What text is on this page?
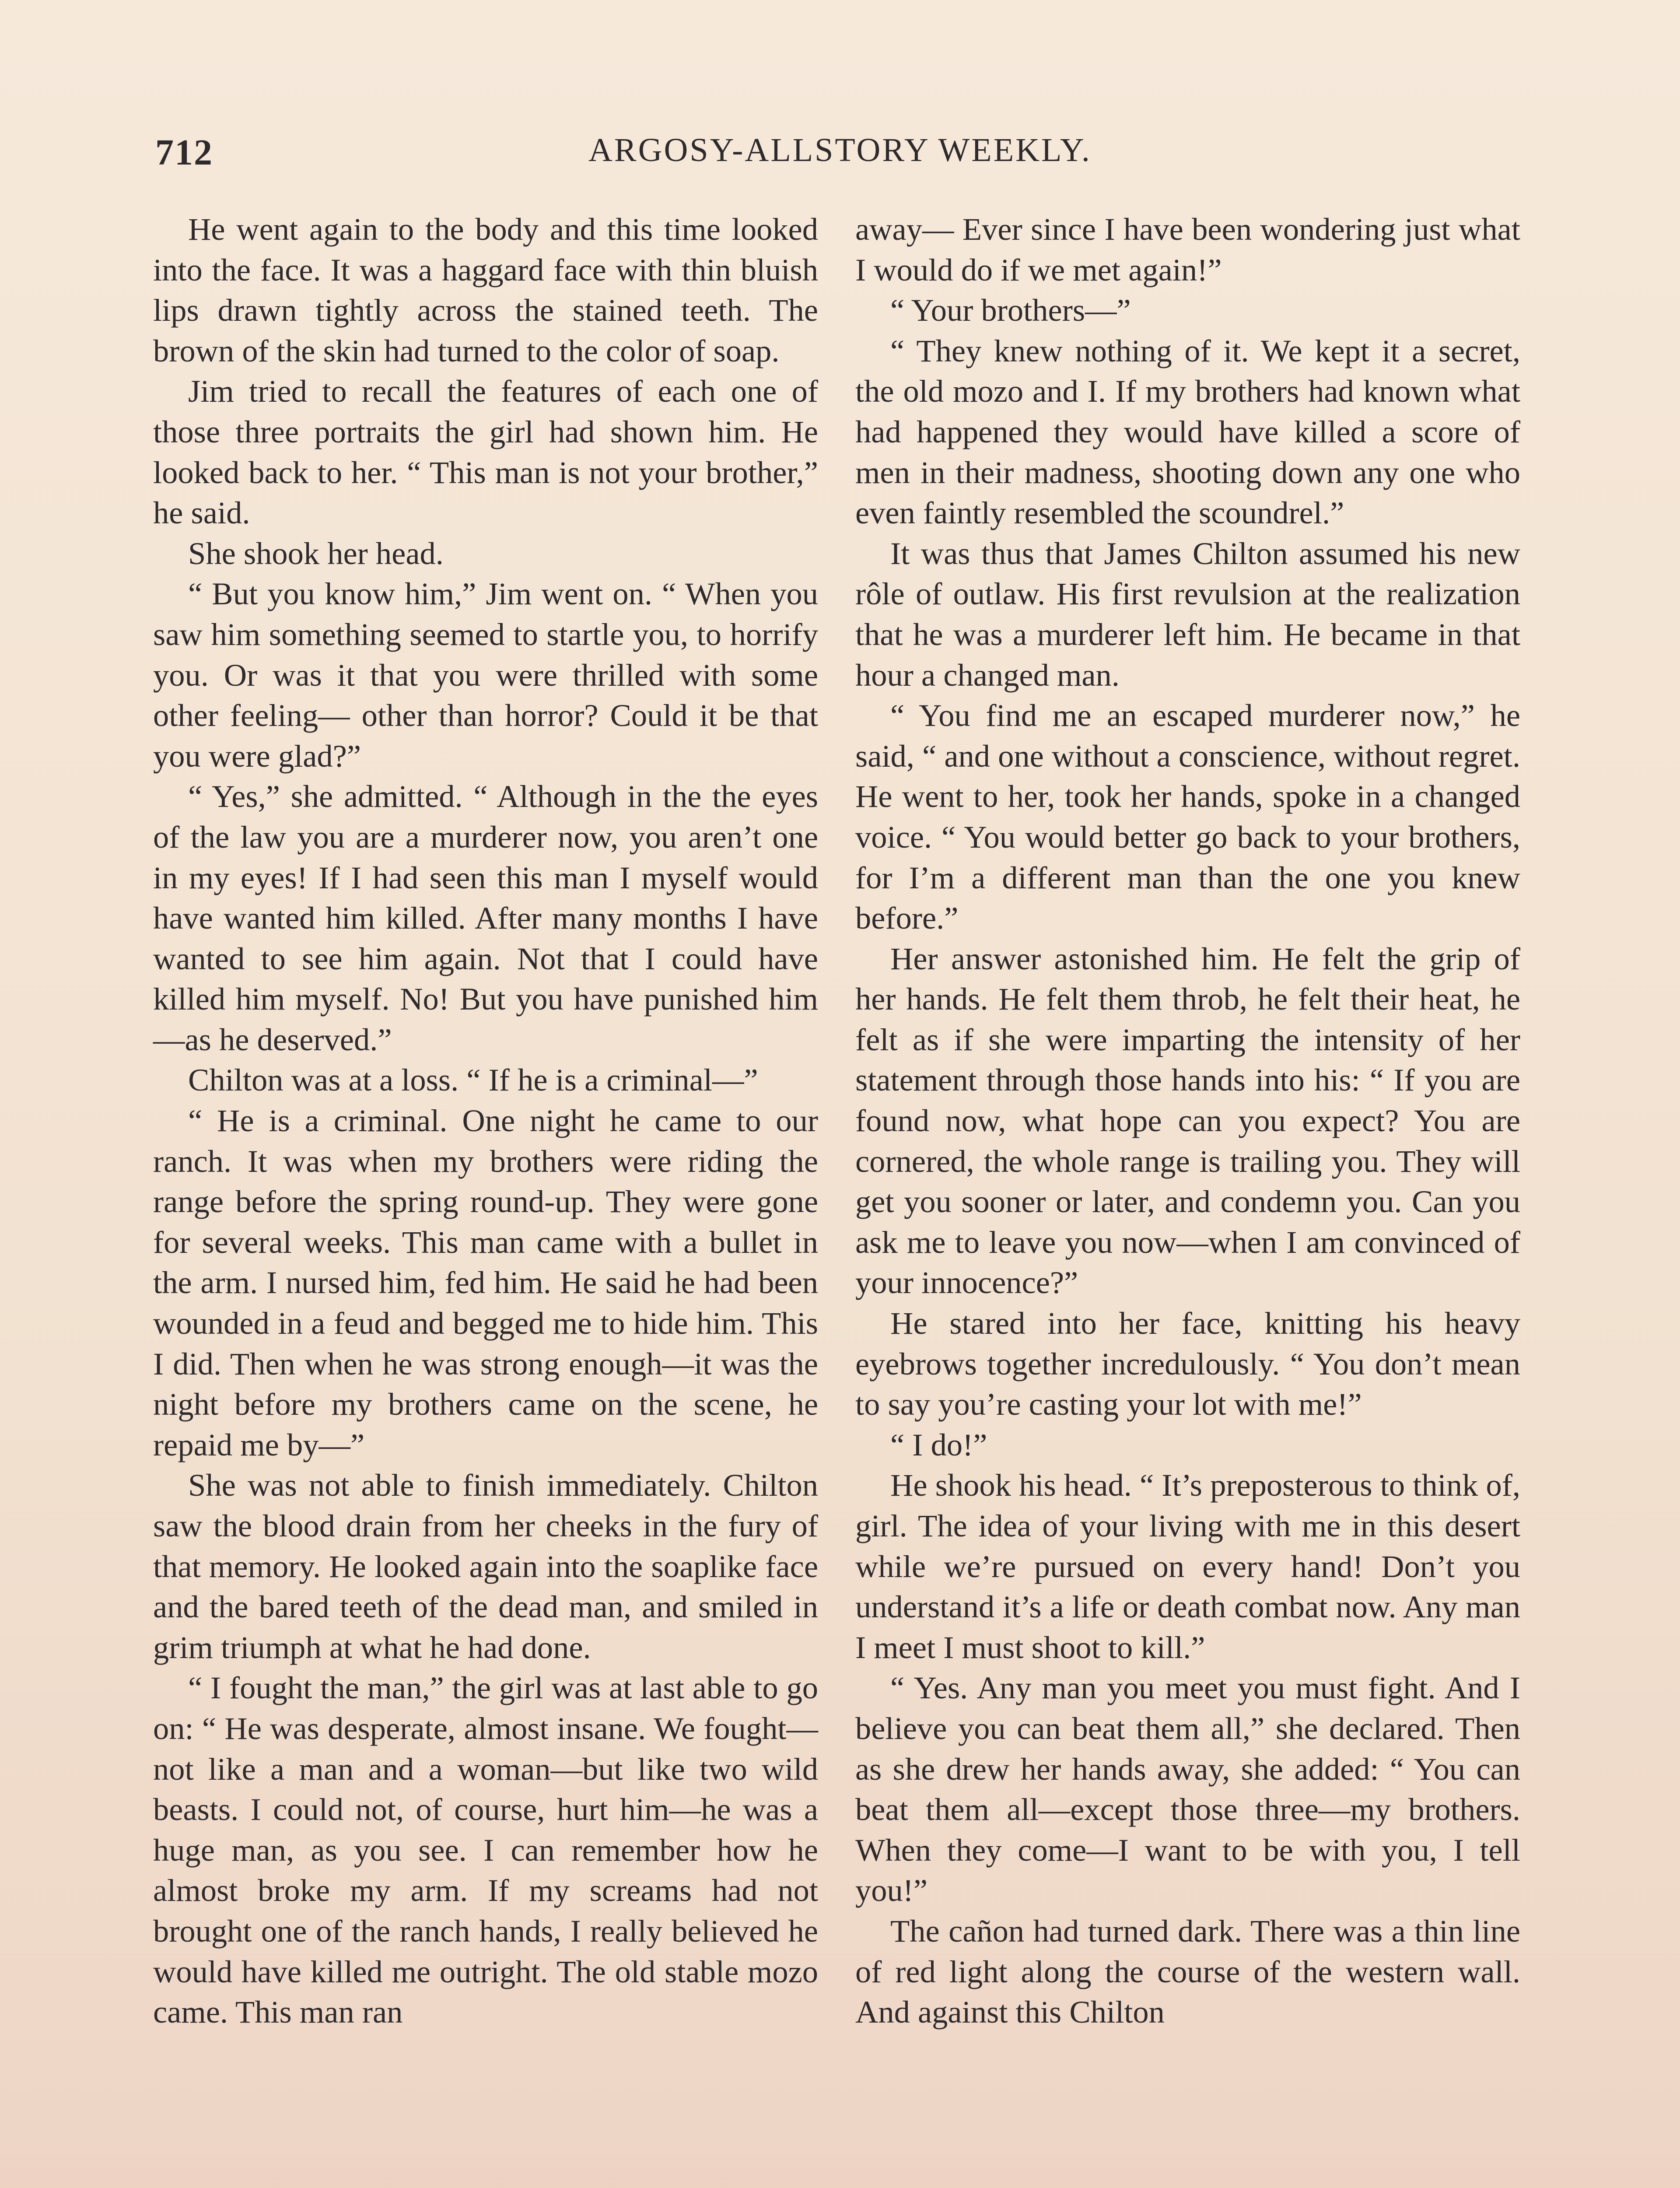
712	ARGOSY-ALLSTORY WEEKLY.

He went again to the body and this time looked into the face. It was a haggard face with thin bluish lips drawn tightly across the stained teeth. The brown of the skin had turned to the color of soap.

Jim tried to recall the features of each one of those three portraits the girl had shown him. He looked back to her. “ This man is not your brother,” he said.

She shook her head.

“ But you know him,” Jim went on. “ When you saw him something seemed to startle you, to horrify you. Or was it that you were thrilled with some other feeling— other than horror? Could it be that you were glad?”

“ Yes,” she admitted. “ Although in the the eyes of the law you are a murderer now, you aren’t one in my eyes! If I had seen this man I myself would have wanted him killed. After many months I have wanted to see him again. Not that I could have killed him myself. No! But you have punished him—as he deserved.”

Chilton was at a loss. “ If he is a criminal—”

“ He is a criminal. One night he came to our ranch. It was when my brothers were riding the range before the spring round-up. They were gone for several weeks. This man came with a bullet in the arm. I nursed him, fed him. He said he had been wounded in a feud and begged me to hide him. This I did. Then when he was strong enough—it was the night before my brothers came on the scene, he repaid me by—”

She was not able to finish immediately. Chilton saw the blood drain from her cheeks in the fury of that memory. He looked again into the soaplike face and the bared teeth of the dead man, and smiled in grim triumph at what he had done.

“ I fought the man,” the girl was at last able to go on: “ He was desperate, almost insane. We fought—not like a man and a woman—but like two wild beasts. I could not, of course, hurt him—he was a huge man, as you see. I can remember how he almost broke my arm. If my screams had not brought one of the ranch hands, I really believed he would have killed me outright. The old stable mozo came. This man ran

away— Ever since I have been wondering just what I would do if we met again!”

“ Your brothers—”

“ They knew nothing of it. We kept it a secret, the old mozo and I. If my brothers had known what had happened they would have killed a score of men in their madness, shooting down any one who even faintly resembled the scoundrel.”

It was thus that James Chilton assumed his new rôle of outlaw. His first revulsion at the realization that he was a murderer left him. He became in that hour a changed man.

“ You find me an escaped murderer now,” he said, “ and one without a conscience, without regret. He went to her, took her hands, spoke in a changed voice. “ You would better go back to your brothers, for I’m a different man than the one you knew before.”

Her answer astonished him. He felt the grip of her hands. He felt them throb, he felt their heat, he felt as if she were imparting the intensity of her statement through those hands into his: “ If you are found now, what hope can you expect? You are cornered, the whole range is trailing you. They will get you sooner or later, and condemn you. Can you ask me to leave you now—when I am convinced of your innocence?”

He stared into her face, knitting his heavy eyebrows together incredulously. “ You don’t mean to say you’re casting your lot with me!”

“ I do!”

He shook his head. “ It’s preposterous to think of, girl. The idea of your living with me in this desert while we’re pursued on every hand! Don’t you understand it’s a life or death combat now. Any man I meet I must shoot to kill.”

“ Yes. Any man you meet you must fight. And I believe you can beat them all,” she declared. Then as she drew her hands away, she added: “ You can beat them all—except those three—my brothers. When they come—I want to be with you, I tell you!”

The cañon had turned dark. There was a thin line of red light along the course of the western wall. And against this Chilton
